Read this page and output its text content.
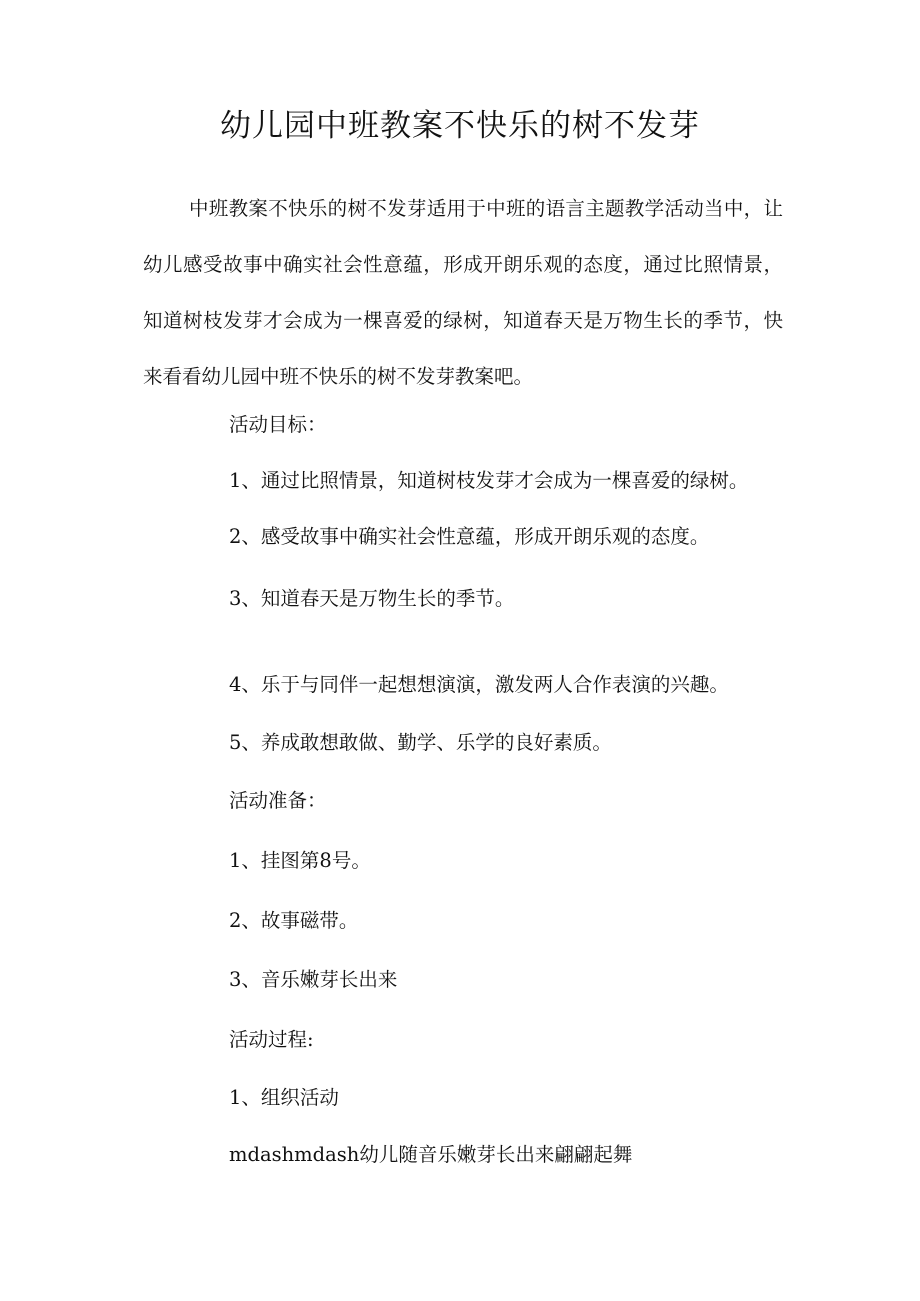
幼儿园中班教案不快乐的树不发芽
中班教案不快乐的树不发芽适用于中班的语言主题教学活动当中，让幼儿感受故事中确实社会性意蕴，形成开朗乐观的态度，通过比照情景，知道树枝发芽才会成为一棵喜爱的绿树，知道春天是万物生长的季节，快来看看幼儿园中班不快乐的树不发芽教案吧。
活动目标：
1、通过比照情景，知道树枝发芽才会成为一棵喜爱的绿树。
2、感受故事中确实社会性意蕴，形成开朗乐观的态度。
3、知道春天是万物生长的季节。
4、乐于与同伴一起想想演演，激发两人合作表演的兴趣。
5、养成敢想敢做、勤学、乐学的良好素质。
活动准备：
1、挂图第8号。
2、故事磁带。
3、音乐嫩芽长出来
活动过程:
1、组织活动
mdashmdash幼儿随音乐嫩芽长出来翩翩起舞
